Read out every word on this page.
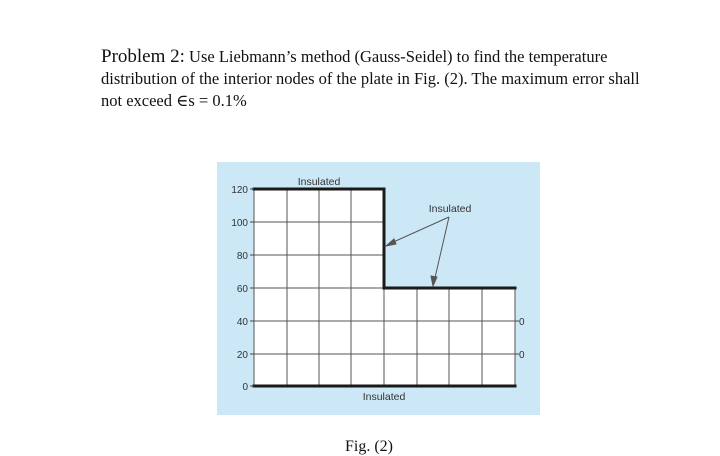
Problem 2: Use Liebmann’s method (Gauss-Seidel) to find the temperature distribution of the interior nodes of the plate in Fig. (2). The maximum error shall not exceed ∈s = 0.1%

120
100
80
60
40
20
0
0
0
Insulated
Insulated
Insulated
Fig. (2)
